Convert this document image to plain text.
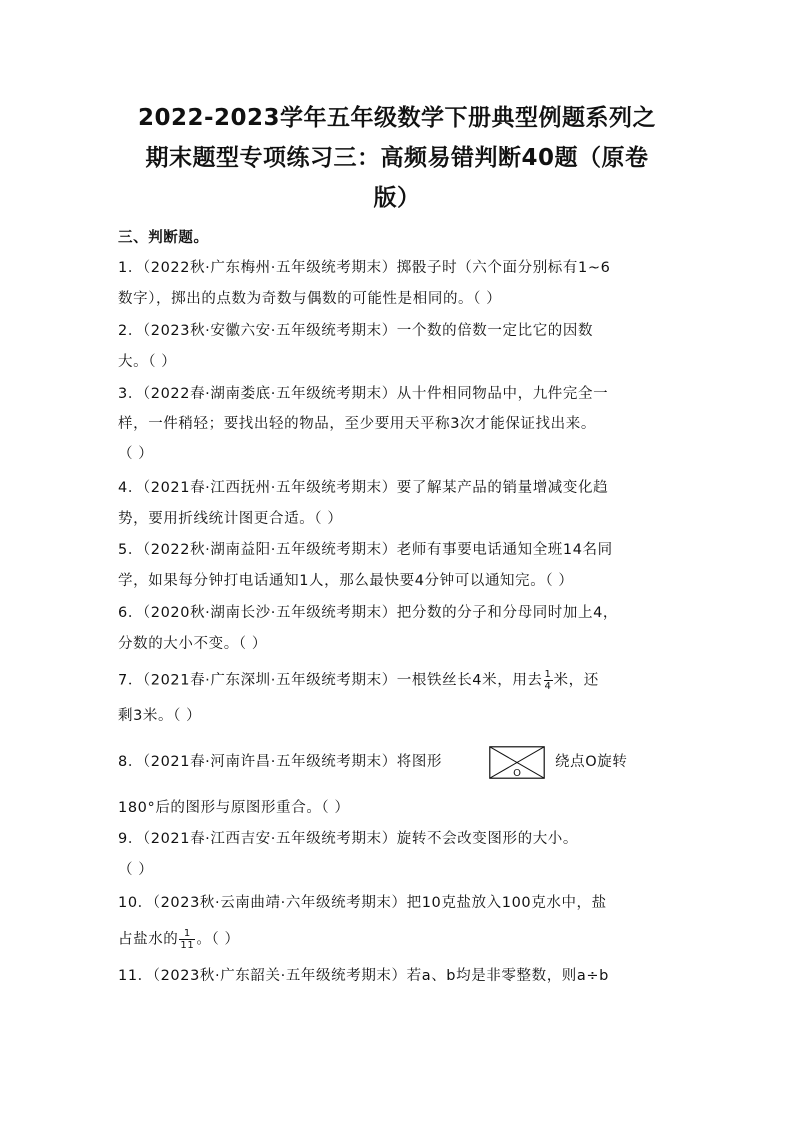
2022-2023学年五年级数学下册典型例题系列之
期末题型专项练习三：高频易错判断40题（原卷
版）
三、判断题。
1．（2022秋·广东梅州·五年级统考期末）掷骰子时（六个面分别标有1~6
数字），掷出的点数为奇数与偶数的可能性是相同的。（ ）
2．（2023秋·安徽六安·五年级统考期末）一个数的倍数一定比它的因数
大。（ ）
3．（2022春·湖南娄底·五年级统考期末）从十件相同物品中，九件完全一
样，一件稍轻；要找出轻的物品，至少要用天平称3次才能保证找出来。
（ ）
4．（2021春·江西抚州·五年级统考期末）要了解某产品的销量增减变化趋
势，要用折线统计图更合适。（ ）
5．（2022秋·湖南益阳·五年级统考期末）老师有事要电话通知全班14名同
学，如果每分钟打电话通知1人，那么最快要4分钟可以通知完。（ ）
6．（2020秋·湖南长沙·五年级统考期末）把分数的分子和分母同时加上4，
分数的大小不变。（ ）
7．（2021春·广东深圳·五年级统考期末）一根铁丝长4米，用去 $\frac{1}{4}$ 米，还
剩3米。（ ）
8．（2021春·河南许昌·五年级统考期末）将图形
O
绕点O旋转
180°后的图形与原图形重合。（ ）
9．（2021春·江西吉安·五年级统考期末）旋转不会改变图形的大小。
（ ）
10．（2023秋·云南曲靖·六年级统考期末）把10克盐放入100克水中，盐
占盐水的 $\frac{1}{11}$ 。（ ）
11．（2023秋·广东韶关·五年级统考期末）若a、b均是非零整数，则a÷b
